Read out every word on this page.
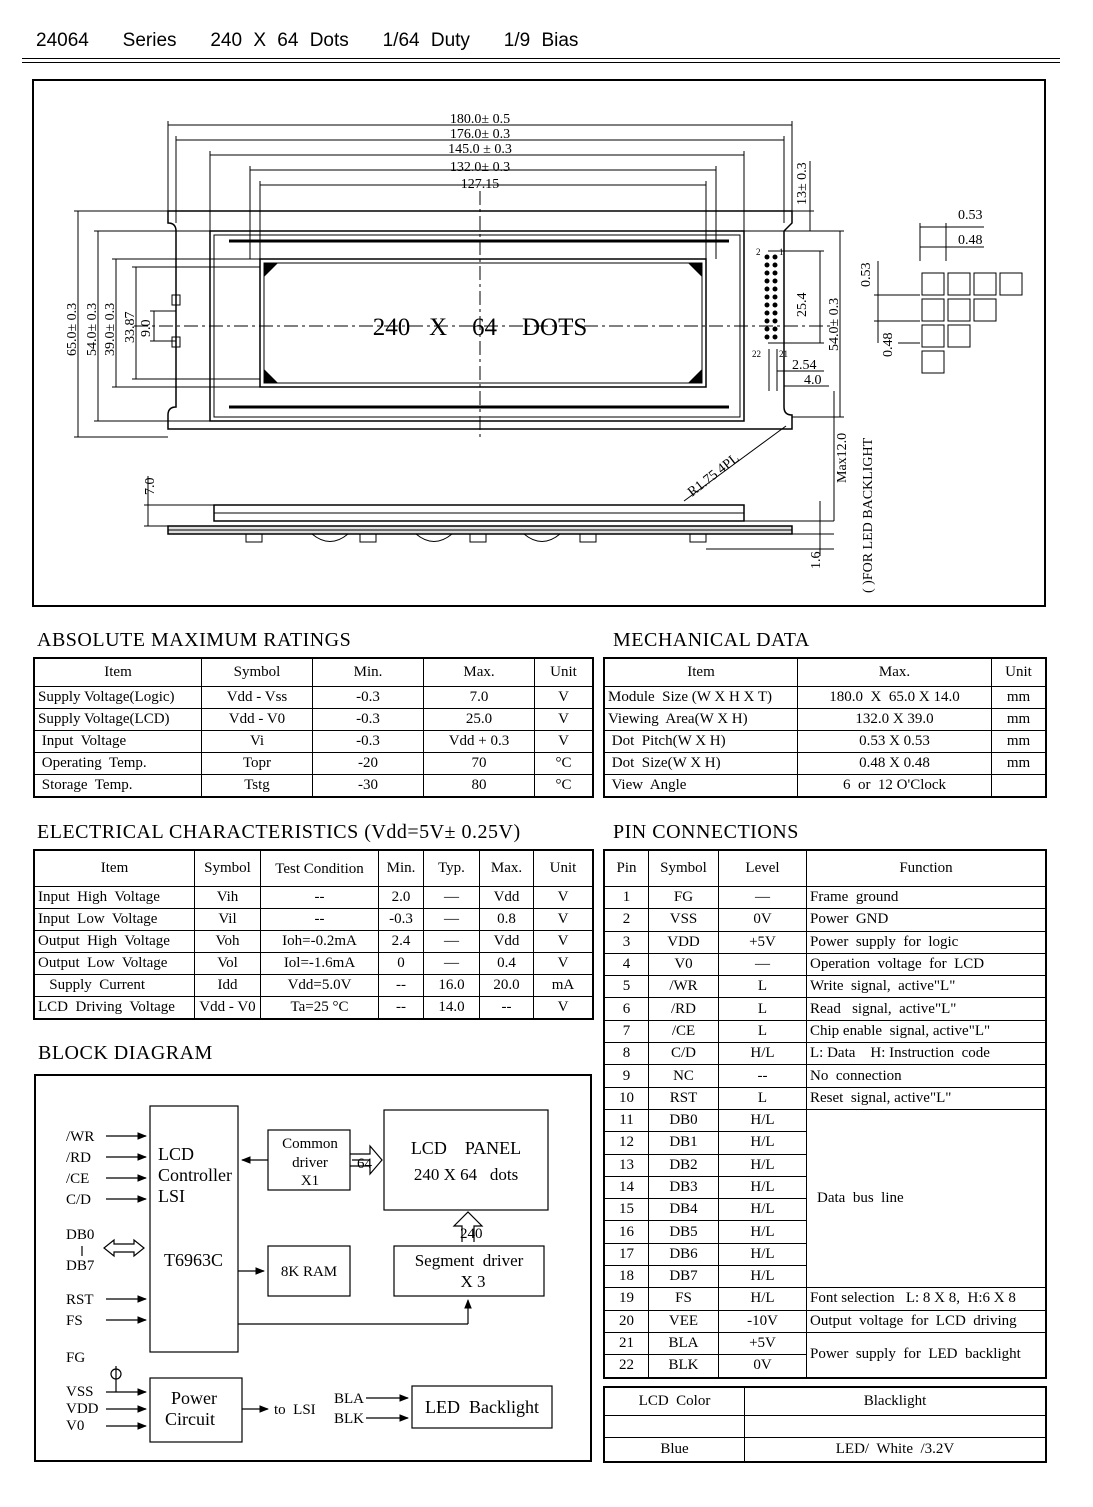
24064   Series   240 X 64 Dots   1/64 Duty   1/9 Bias
180.0± 0.5
176.0± 0.3
145.0 ± 0.3
132.0± 0.3
127.15
240   X    64    DOTS
65.0± 0.3 54.0± 0.3 39.0± 0.3 33.87 9.0
13± 0.3
25.4 54.0± 0.3
2.54
4.0
2 1
22 21
R1.75 4PL	Max12.0
7.0
1.6	( )FOR LED BACKLIGHT
0.53
0.48
0.53
0.48
ABSOLUTE MAXIMUM RATINGS
Item	Symbol	Min.	Max.	Unit
Supply Voltage(Logic)	Vdd - Vss	-0.3	7.0	V
Supply Voltage(LCD)	Vdd - V0	-0.3	25.0	V
Input  Voltage	Vi	-0.3	Vdd + 0.3	V
Operating  Temp.	Topr	-20	70	°C
Storage  Temp.	Tstg	-30	80	°C
MECHANICAL DATA
Item	Max.	Unit
Module  Size (W X H X T)	180.0  X  65.0 X 14.0	mm
Viewing  Area(W X H)	132.0 X 39.0	mm
Dot  Pitch(W X H)	0.53 X 0.53	mm
Dot  Size(W X H)	0.48 X 0.48	mm
View  Angle	6  or  12 O'Clock	
ELECTRICAL CHARACTERISTICS (Vdd=5V± 0.25V)
Item	Symbol	Test Condition	Min.	Typ.	Max.	Unit
Input  High  Voltage	Vih	--	2.0	—	Vdd	V
Input  Low  Voltage	Vil	--	-0.3	—	0.8	V
Output  High  Voltage	Voh	Ioh=-0.2mA	2.4	—	Vdd	V
Output  Low  Voltage	Vol	Iol=-1.6mA	0	—	0.4	V
Supply  Current	Idd	Vdd=5.0V	--	16.0	20.0	mA
LCD  Driving  Voltage	Vdd - V0	Ta=25 °C	--	14.0	--	V
BLOCK DIAGRAM
/WR
/RD
/CE
C/D
DB0
DB7
RST
FS
FG
VSS
VDD
V0
LCD
Controller
LSI
T6963C
Common
driver
X1
64
LCD    PANEL
240 X 64   dots
8K RAM
240
Segment  driver
X 3
Power
Circuit	to  LSI
BLA
BLK
LED  Backlight
PIN CONNECTIONS
Pin	Symbol	Level	Function
1	FG	—	Frame  ground
2	VSS	0V	Power  GND
3	VDD	+5V	Power  supply  for  logic
4	V0	—	Operation  voltage  for  LCD
5	/WR	L	Write  signal,  active"L"
6	/RD	L	Read   signal,  active"L"
7	/CE	L	Chip enable  signal, active"L"
8	C/D	H/L	L: Data    H: Instruction  code
9	NC	--	No  connection
10	RST	L	Reset  signal, active"L"
11	DB0	H/L	Data  bus  line
12	DB1	H/L	
13	DB2	H/L	
14	DB3	H/L	
15	DB4	H/L	
16	DB5	H/L	
17	DB6	H/L	
18	DB7	H/L	
19	FS	H/L	Font selection   L: 8 X 8,  H:6 X 8
20	VEE	-10V	Output  voltage  for  LCD  driving
21	BLA	+5V	Power  supply  for  LED  backlight
22	BLK	0V	
LCD  Color	Blacklight

Blue	LED/  White  /3.2V
